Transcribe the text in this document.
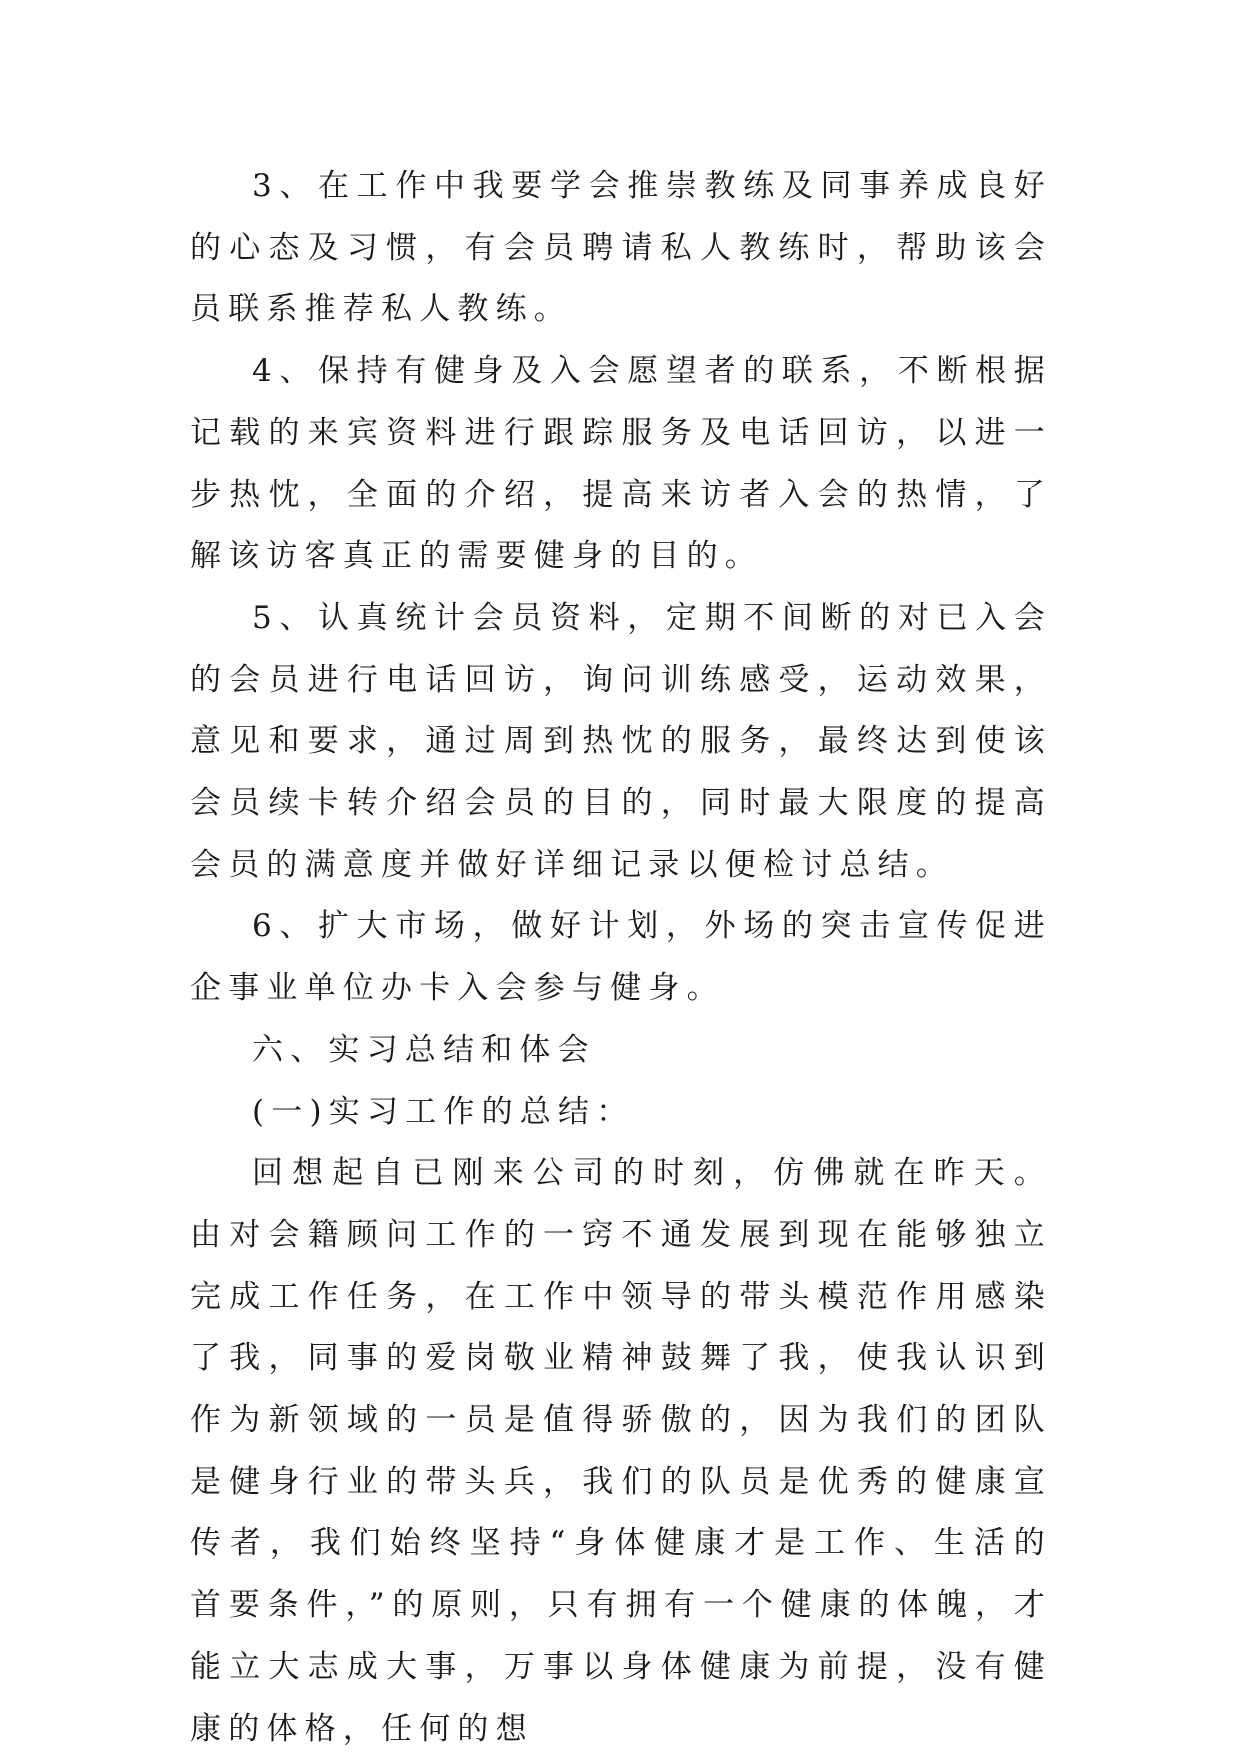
3、在工作中我要学会推崇教练及同事养成良好的心态及习惯，有会员聘请私人教练时，帮助该会员联系推荐私人教练。

4、保持有健身及入会愿望者的联系，不断根据记载的来宾资料进行跟踪服务及电话回访，以进一步热忱，全面的介绍，提高来访者入会的热情，了解该访客真正的需要健身的目的。

5、认真统计会员资料，定期不间断的对已入会的会员进行电话回访，询问训练感受，运动效果，意见和要求，通过周到热忱的服务，最终达到使该会员续卡转介绍会员的目的，同时最大限度的提高会员的满意度并做好详细记录以便检讨总结。

6、扩大市场，做好计划，外场的突击宣传促进企事业单位办卡入会参与健身。

六、实习总结和体会

(一)实习工作的总结：

回想起自已刚来公司的时刻，仿佛就在昨天。由对会籍顾问工作的一窍不通发展到现在能够独立完成工作任务，在工作中领导的带头模范作用感染了我，同事的爱岗敬业精神鼓舞了我，使我认识到作为新领域的一员是值得骄傲的，因为我们的团队是健身行业的带头兵，我们的队员是优秀的健康宣传者，我们始终坚持“身体健康才是工作、生活的首要条件，”的原则，只有拥有一个健康的体魄，才能立大志成大事，万事以身体健康为前提，没有健康的体格，任何的想
